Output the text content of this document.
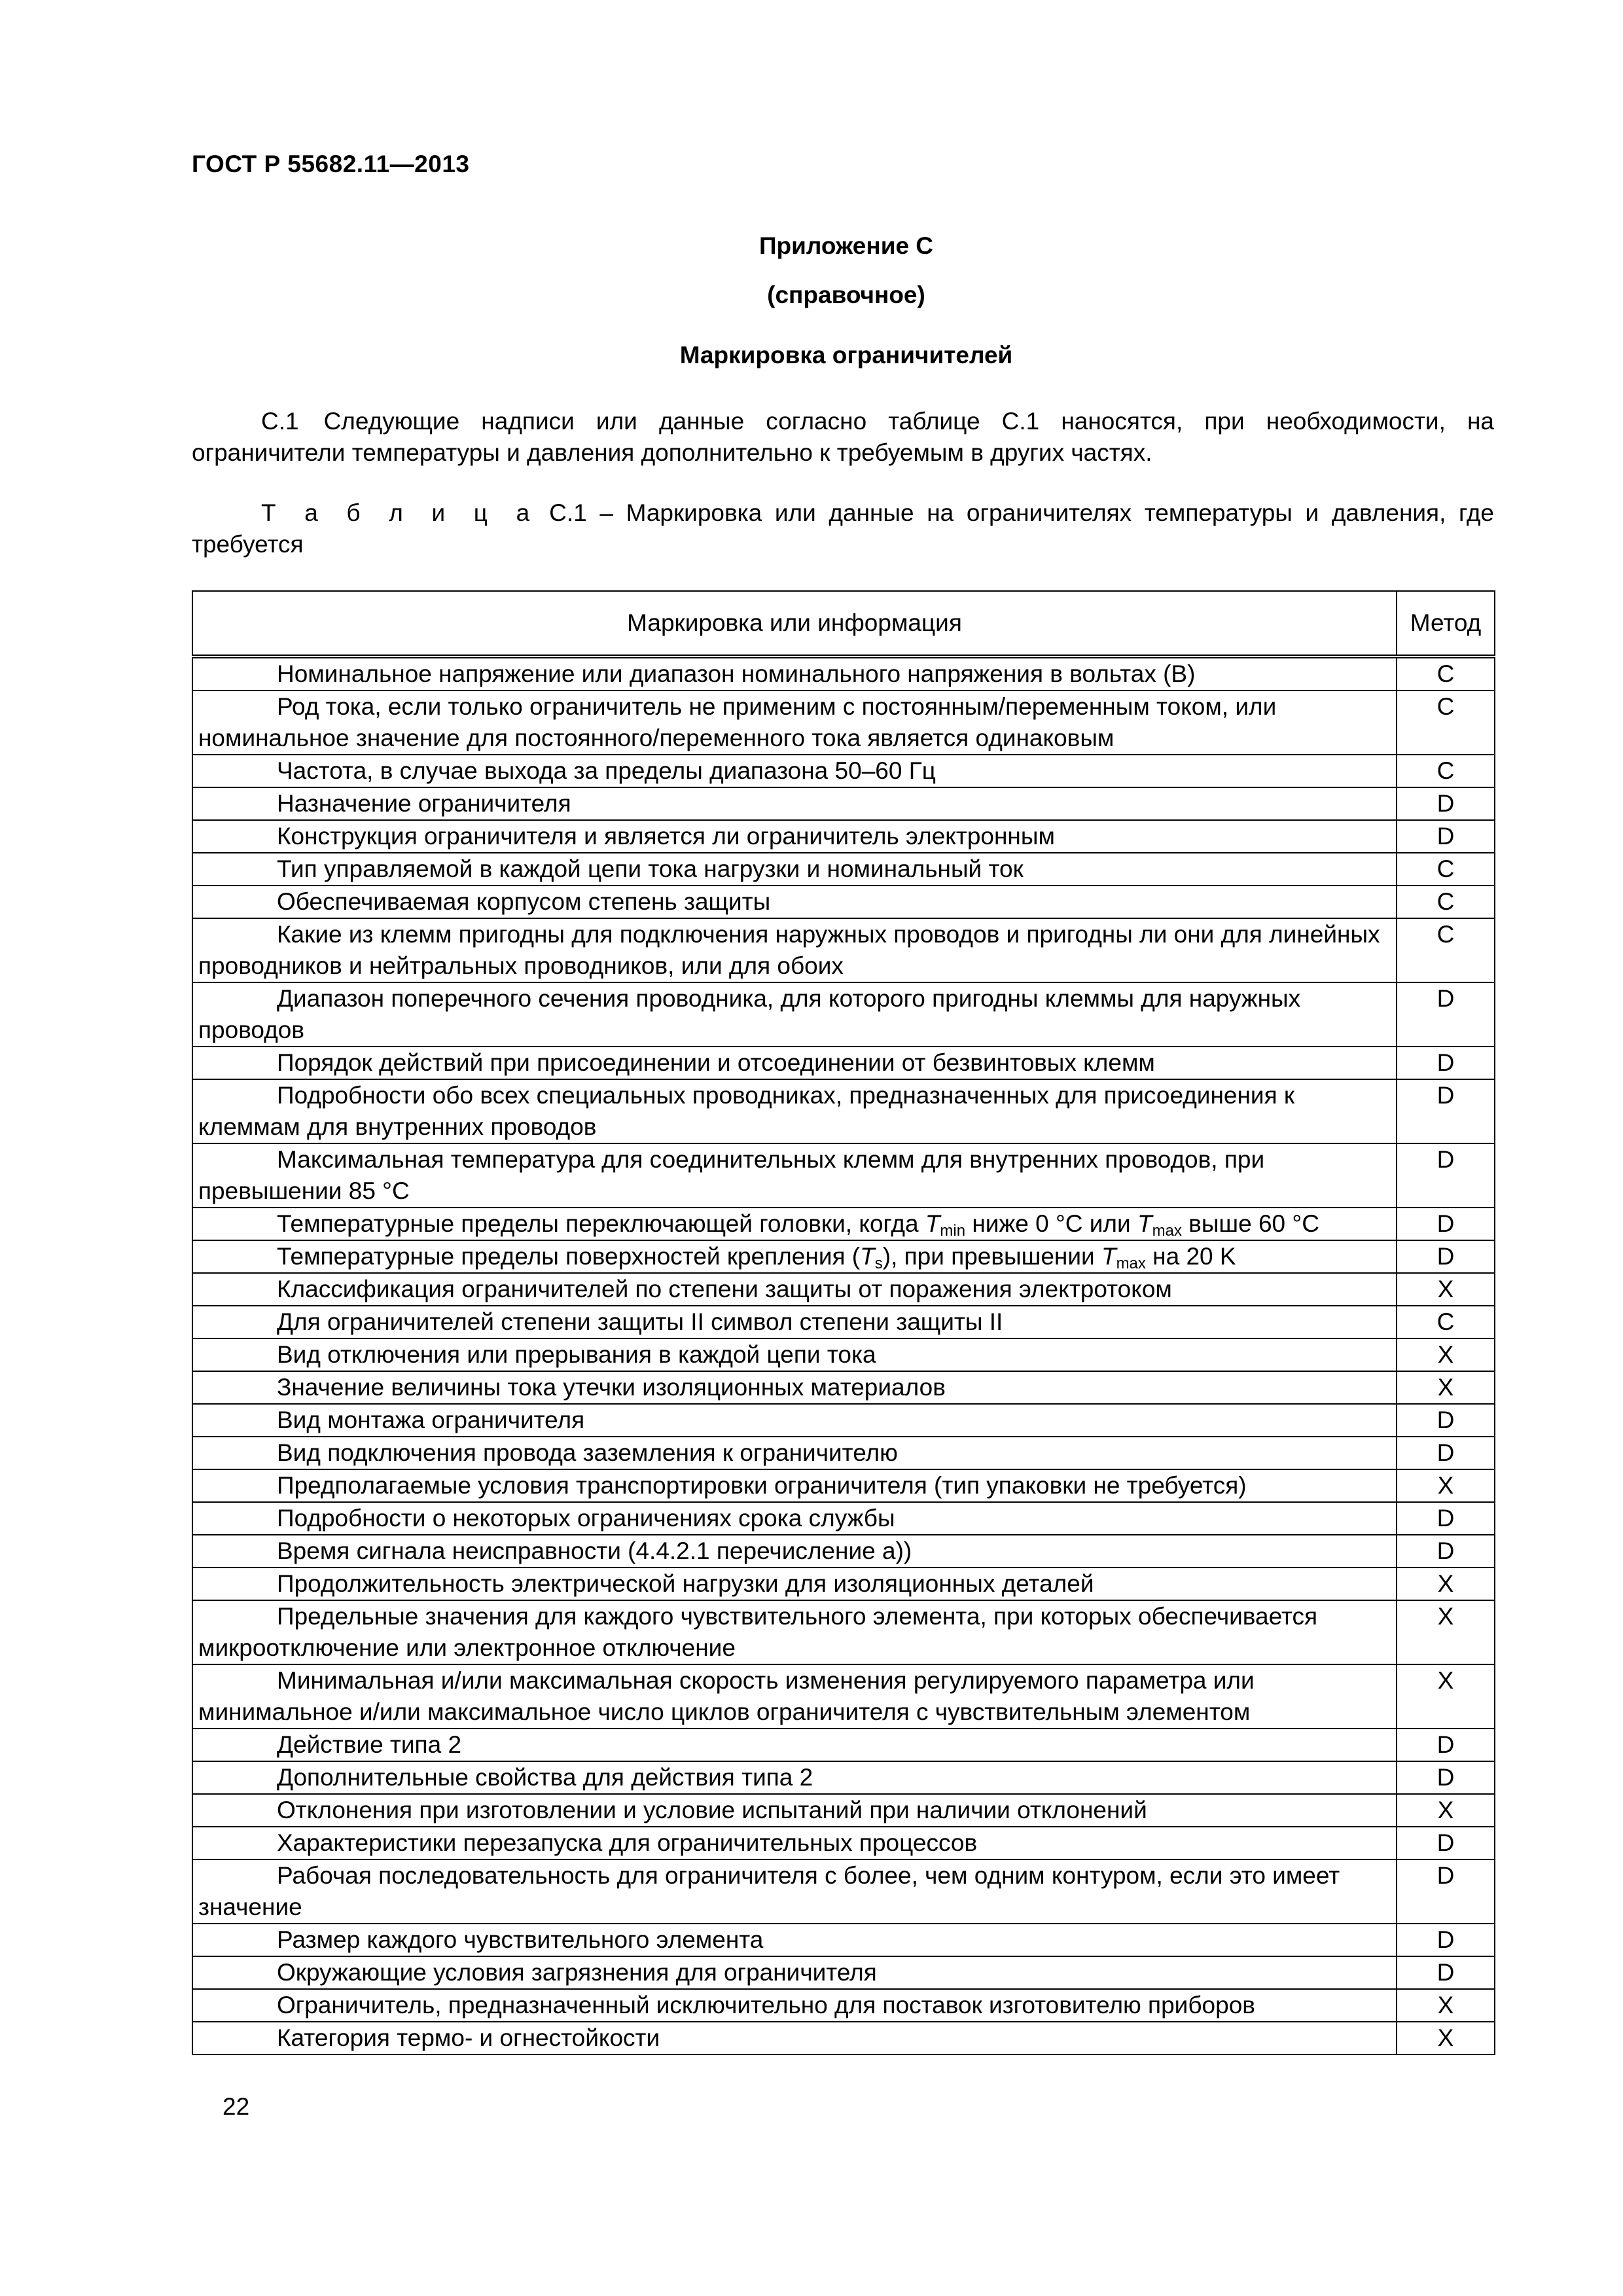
ГОСТ Р 55682.11—2013
Приложение С
(справочное)
Маркировка ограничителей
С.1 Следующие надписи или данные согласно таблице С.1 наносятся, при необходимости, на ограничители температуры и давления дополнительно к требуемым в других частях.
Т а б л и ц а С.1 – Маркировка или данные на ограничителях температуры и давления, где требуется
Маркировка или информация	Метод
Номинальное напряжение или диапазон номинального напряжения в вольтах (В)	C
Род тока, если только ограничитель не применим с постоянным/переменным током, или номинальное значение для постоянного/переменного тока является одинаковым	C
Частота, в случае выхода за пределы диапазона 50–60 Гц	C
Назначение ограничителя	D
Конструкция ограничителя и является ли ограничитель электронным	D
Тип управляемой в каждой цепи тока нагрузки и номинальный ток	C
Обеспечиваемая корпусом степень защиты	C
Какие из клемм пригодны для подключения наружных проводов и пригодны ли они для линейных проводников и нейтральных проводников, или для обоих	C
Диапазон поперечного сечения проводника, для которого пригодны клеммы для наружных проводов	D
Порядок действий при присоединении и отсоединении от безвинтовых клемм	D
Подробности обо всех специальных проводниках, предназначенных для присоединения к клеммам для внутренних проводов	D
Максимальная температура для соединительных клемм для внутренних проводов, при превышении 85 °C	D
Температурные пределы переключающей головки, когда $T_{min}$ ниже 0 °C или $T_{max}$ выше 60 °C	D
Температурные пределы поверхностей крепления $(T_s)$, при превышении $T_{max}$ на 20 K	D
Классификация ограничителей по степени защиты от поражения электротоком	X
Для ограничителей степени защиты II символ степени защиты II	C
Вид отключения или прерывания в каждой цепи тока	X
Значение величины тока утечки изоляционных материалов	X
Вид монтажа ограничителя	D
Вид подключения провода заземления к ограничителю	D
Предполагаемые условия транспортировки ограничителя (тип упаковки не требуется)	X
Подробности о некоторых ограничениях срока службы	D
Время сигнала неисправности (4.4.2.1 перечисление а))	D
Продолжительность электрической нагрузки для изоляционных деталей	X
Предельные значения для каждого чувствительного элемента, при которых обеспечивается микроотключение или электронное отключение	X
Минимальная и/или максимальная скорость изменения регулируемого параметра или минимальное и/или максимальное число циклов ограничителя с чувствительным элементом	X
Действие типа 2	D
Дополнительные свойства для действия типа 2	D
Отклонения при изготовлении и условие испытаний при наличии отклонений	X
Характеристики перезапуска для ограничительных процессов	D
Рабочая последовательность для ограничителя с более, чем одним контуром, если это имеет значение	D
Размер каждого чувствительного элемента	D
Окружающие условия загрязнения для ограничителя	D
Ограничитель, предназначенный исключительно для поставок изготовителю приборов	X
Категория термо- и огнестойкости	X
22
